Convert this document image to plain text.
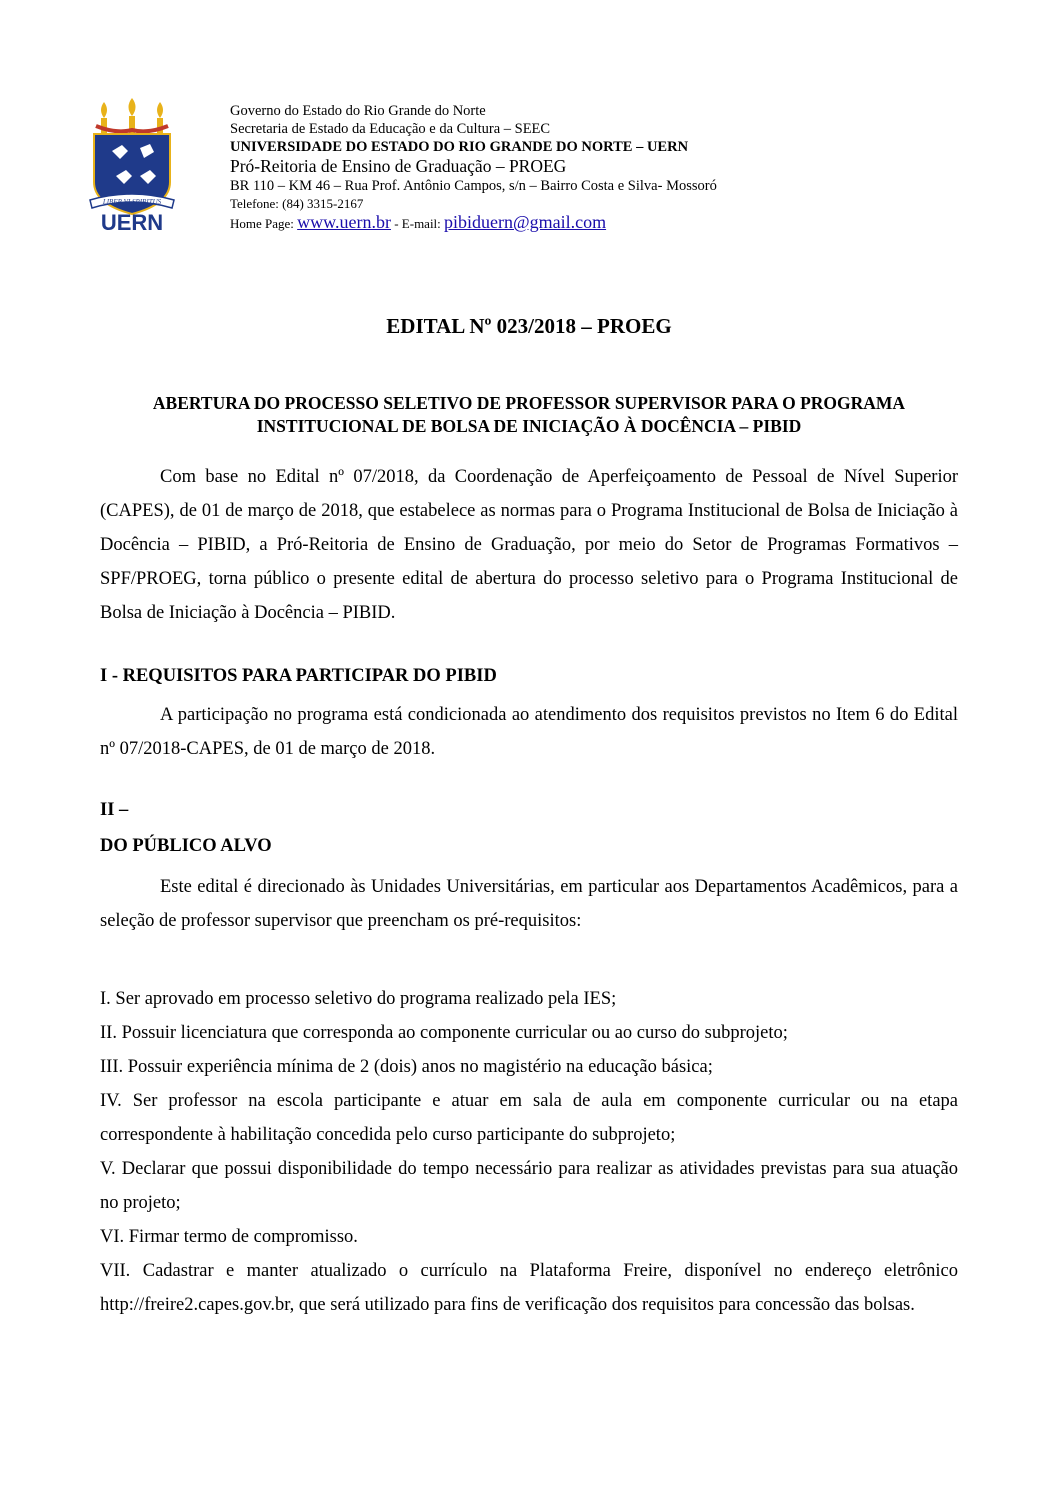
LIBER VI SPIRITUS
UERN
Governo do Estado do Rio Grande do Norte
Secretaria de Estado da Educação e da Cultura – SEEC
UNIVERSIDADE DO ESTADO DO RIO GRANDE DO NORTE – UERN
Pró-Reitoria de Ensino de Graduação – PROEG
BR 110 – KM 46 – Rua Prof. Antônio Campos, s/n – Bairro Costa e Silva- Mossoró
Telefone: (84) 3315-2167
Home Page: www.uern.br - E-mail: pibiduern@gmail.com
EDITAL Nº 023/2018 – PROEG
ABERTURA DO PROCESSO SELETIVO DE PROFESSOR SUPERVISOR PARA O PROGRAMA INSTITUCIONAL DE BOLSA DE INICIAÇÃO À DOCÊNCIA – PIBID
Com base no Edital nº 07/2018, da Coordenação de Aperfeiçoamento de Pessoal de Nível Superior (CAPES), de 01 de março de 2018, que estabelece as normas para o Programa Institucional de Bolsa de Iniciação à Docência – PIBID, a Pró-Reitoria de Ensino de Graduação, por meio do Setor de Programas Formativos – SPF/PROEG, torna público o presente edital de abertura do processo seletivo para o Programa Institucional de Bolsa de Iniciação à Docência – PIBID.
I - REQUISITOS PARA PARTICIPAR DO PIBID
A participação no programa está condicionada ao atendimento dos requisitos previstos no Item 6 do Edital nº 07/2018-CAPES, de 01 de março de 2018.
II –
DO PÚBLICO ALVO
Este edital é direcionado às Unidades Universitárias, em particular aos Departamentos Acadêmicos, para a seleção de professor supervisor que preencham os pré-requisitos:
I. Ser aprovado em processo seletivo do programa realizado pela IES;
II. Possuir licenciatura que corresponda ao componente curricular ou ao curso do subprojeto;
III. Possuir experiência mínima de 2 (dois) anos no magistério na educação básica;
IV. Ser professor na escola participante e atuar em sala de aula em componente curricular ou na etapa correspondente à habilitação concedida pelo curso participante do subprojeto;
V. Declarar que possui disponibilidade do tempo necessário para realizar as atividades previstas para sua atuação no projeto;
VI. Firmar termo de compromisso.
VII. Cadastrar e manter atualizado o currículo na Plataforma Freire, disponível no endereço eletrônico http://freire2.capes.gov.br, que será utilizado para fins de verificação dos requisitos para concessão das bolsas.
